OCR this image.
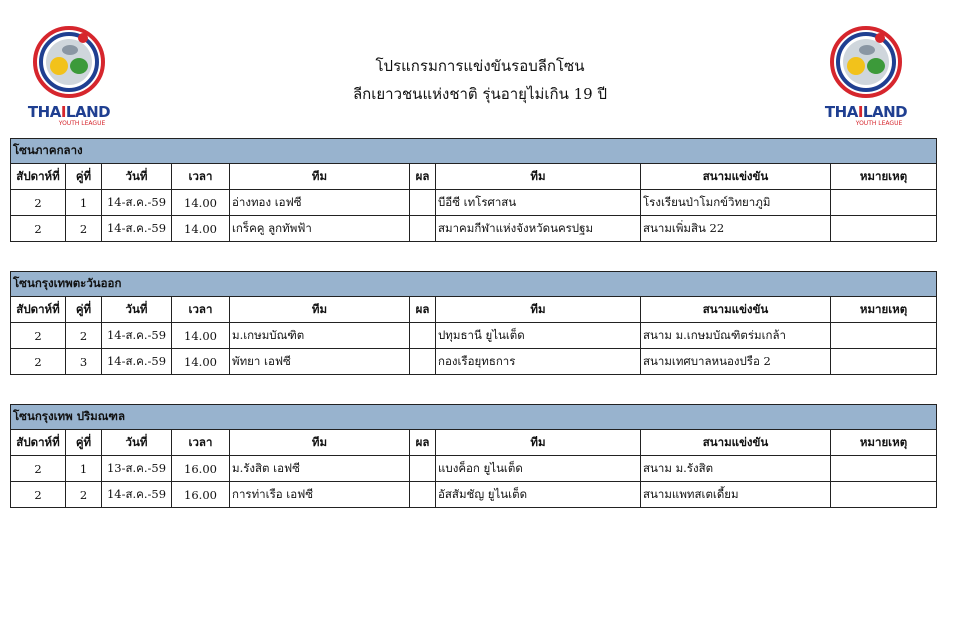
THAILAND
YOUTH LEAGUE
THAILAND
YOUTH LEAGUE
โปรแกรมการแข่งขันรอบลีกโซน
ลีกเยาวชนแห่งชาติ รุ่นอายุไม่เกิน 19 ปี
โซนภาคกลาง								
สัปดาห์ที่	คู่ที่	วันที่	เวลา	ทีม	ผล	ทีม	สนามแข่งขัน	หมายเหตุ
2	1	14-ส.ค.-59	14.00	อ่างทอง เอฟซี		บีอีซี เทโรศาสน	โรงเรียนป่าโมกข์วิทยาภูมิ	
2	2	14-ส.ค.-59	14.00	เกร็คคู ลูกทัพฟ้า		สมาคมกีฬาแห่งจังหวัดนครปฐม	สนามเพิ่มสิน 22	
โซนกรุงเทพตะวันออก								
สัปดาห์ที่	คู่ที่	วันที่	เวลา	ทีม	ผล	ทีม	สนามแข่งขัน	หมายเหตุ
2	2	14-ส.ค.-59	14.00	ม.เกษมบัณฑิต		ปทุมธานี ยูไนเต็ด	สนาม ม.เกษมบัณฑิตร่มเกล้า	
2	3	14-ส.ค.-59	14.00	พัทยา เอฟซี		กองเรือยุทธการ	สนามเทศบาลหนองปรือ 2	
โซนกรุงเทพ ปริมณฑล								
สัปดาห์ที่	คู่ที่	วันที่	เวลา	ทีม	ผล	ทีม	สนามแข่งขัน	หมายเหตุ
2	1	13-ส.ค.-59	16.00	ม.รังสิต เอฟซี		แบงค็อก ยูไนเต็ด	สนาม ม.รังสิต	
2	2	14-ส.ค.-59	16.00	การท่าเรือ เอฟซี		อัสสัมชัญ ยูไนเต็ด	สนามแพทสเตเดี้ยม	
